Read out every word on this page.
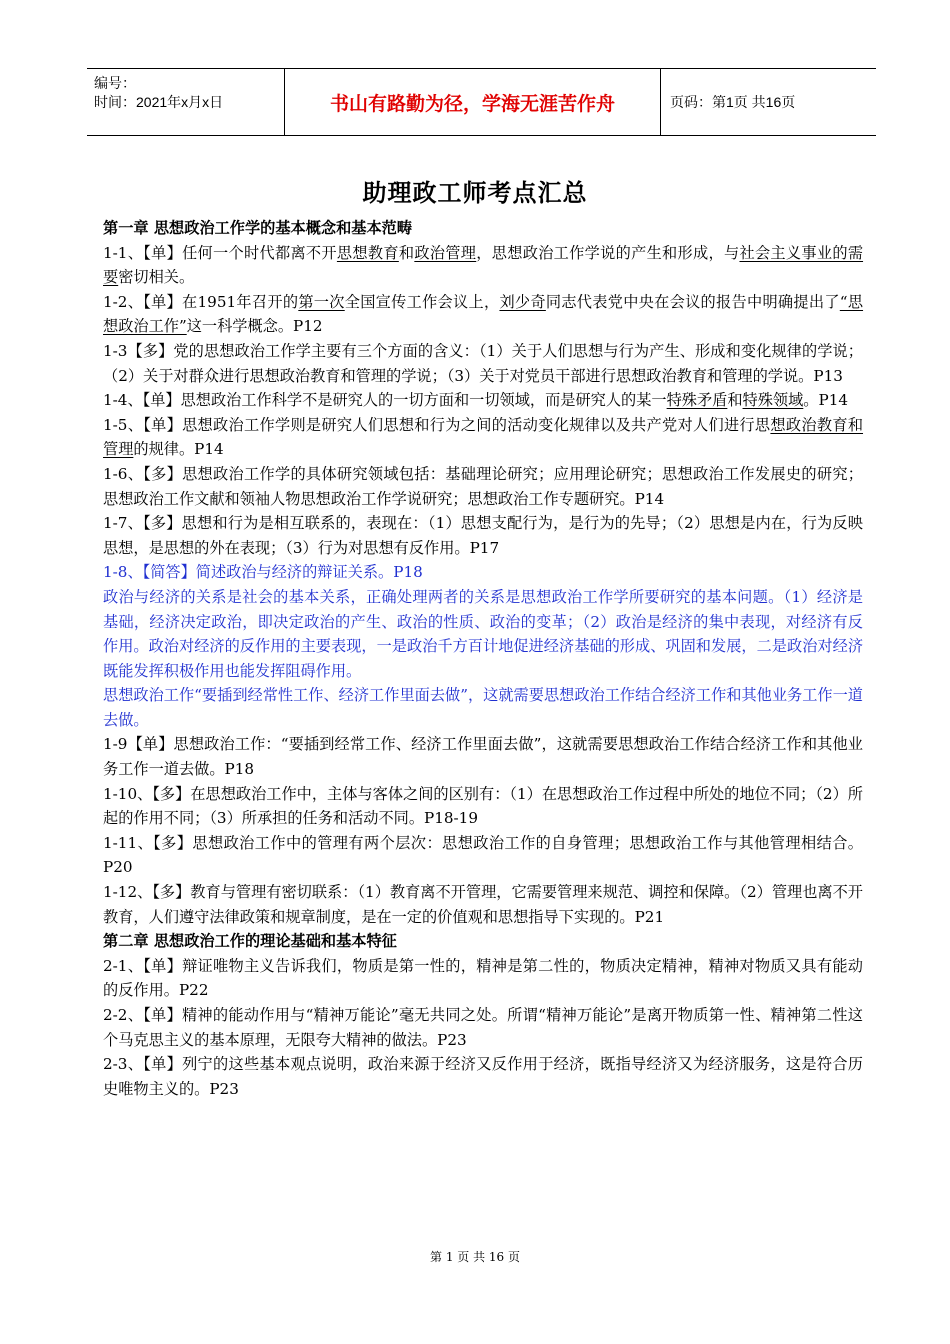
编号：
时间：2021年x月x日	书山有路勤为径，学海无涯苦作舟	页码：第1页 共16页
助理政工师考点汇总

第一章 思想政治工作学的基本概念和基本范畴

1-1、【单】任何一个时代都离不开思想教育和政治管理，思想政治工作学说的产生和形成，与社会主义事业的需要密切相关。

1-2、【单】在1951年召开的第一次全国宣传工作会议上，刘少奇同志代表党中央在会议的报告中明确提出了“思想政治工作”这一科学概念。P12

1-3【多】党的思想政治工作学主要有三个方面的含义：（1）关于人们思想与行为产生、形成和变化规律的学说；（2）关于对群众进行思想政治教育和管理的学说；（3）关于对党员干部进行思想政治教育和管理的学说。P13

1-4、【单】思想政治工作科学不是研究人的一切方面和一切领域，而是研究人的某一特殊矛盾和特殊领域。P14

1-5、【单】思想政治工作学则是研究人们思想和行为之间的活动变化规律以及共产党对人们进行思想政治教育和管理的规律。P14

1-6、【多】思想政治工作学的具体研究领域包括：基础理论研究；应用理论研究；思想政治工作发展史的研究；思想政治工作文献和领袖人物思想政治工作学说研究；思想政治工作专题研究。P14

1-7、【多】思想和行为是相互联系的，表现在：（1）思想支配行为，是行为的先导；（2）思想是内在，行为反映思想，是思想的外在表现；（3）行为对思想有反作用。P17

1-8、【简答】简述政治与经济的辩证关系。P18

政治与经济的关系是社会的基本关系，正确处理两者的关系是思想政治工作学所要研究的基本问题。（1）经济是基础，经济决定政治，即决定政治的产生、政治的性质、政治的变革；（2）政治是经济的集中表现，对经济有反作用。政治对经济的反作用的主要表现，一是政治千方百计地促进经济基础的形成、巩固和发展，二是政治对经济既能发挥积极作用也能发挥阻碍作用。

思想政治工作“要插到经常性工作、经济工作里面去做”，这就需要思想政治工作结合经济工作和其他业务工作一道去做。

1-9【单】思想政治工作：“要插到经常工作、经济工作里面去做”，这就需要思想政治工作结合经济工作和其他业务工作一道去做。P18

1-10、【多】在思想政治工作中，主体与客体之间的区别有：（1）在思想政治工作过程中所处的地位不同；（2）所起的作用不同；（3）所承担的任务和活动不同。P18-19

1-11、【多】思想政治工作中的管理有两个层次：思想政治工作的自身管理；思想政治工作与其他管理相结合。P20

1-12、【多】教育与管理有密切联系：（1）教育离不开管理，它需要管理来规范、调控和保障。（2）管理也离不开教育，人们遵守法律政策和规章制度，是在一定的价值观和思想指导下实现的。P21

第二章 思想政治工作的理论基础和基本特征

2-1、【单】辩证唯物主义告诉我们，物质是第一性的，精神是第二性的，物质决定精神，精神对物质又具有能动的反作用。P22

2-2、【单】精神的能动作用与“精神万能论”毫无共同之处。所谓“精神万能论”是离开物质第一性、精神第二性这个马克思主义的基本原理，无限夸大精神的做法。P23

2-3、【单】列宁的这些基本观点说明，政治来源于经济又反作用于经济，既指导经济又为经济服务，这是符合历史唯物主义的。P23

第 1 页 共 16 页
